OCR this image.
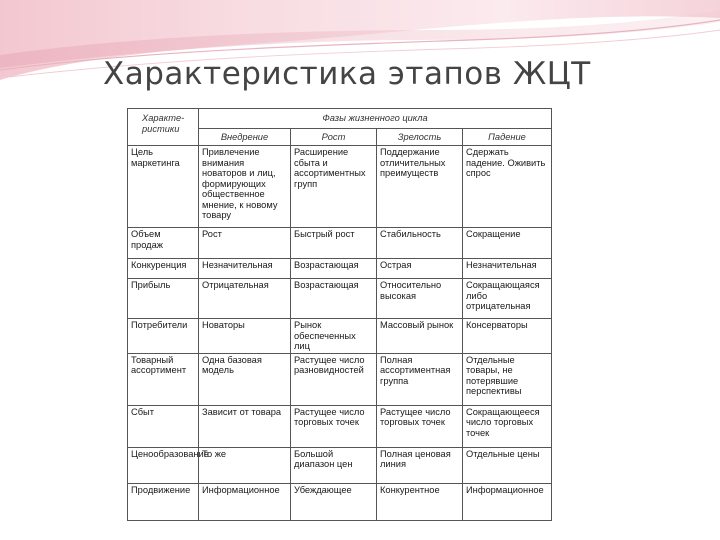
Характеристика этапов ЖЦТ
Характе-ристики	Фазы жизненного цикла			
	Внедрение	Рост	Зрелость	Падение
Цель маркетинга	Привлечение внимания новаторов и лиц, формирующих общественное мнение, к новому товару	Расширение сбыта и ассортиментных групп	Поддержание отличительных преимуществ	Сдержать падение. Оживить спрос
Объем продаж	Рост	Быстрый рост	Стабильность	Сокращение
Конкуренция	Незначительная	Возрастающая	Острая	Незначительная
Прибыль	Отрицательная	Возрастающая	Относительно высокая	Сокращающаяся либо отрицательная
Потребители	Новаторы	Рынок обеспеченных лиц	Массовый рынок	Консерваторы
Товарный ассортимент	Одна базовая модель	Растущее число разновидностей	Полная ассортиментная группа	Отдельные товары, не потерявшие перспективы
Сбыт	Зависит от товара	Растущее число торговых точек	Растущее число торговых точек	Сокращающееся число торговых точек
Ценообразование	То же	Большой диапазон цен	Полная ценовая линия	Отдельные цены
Продвижение	Информационное	Убеждающее	Конкурентное	Информационное
